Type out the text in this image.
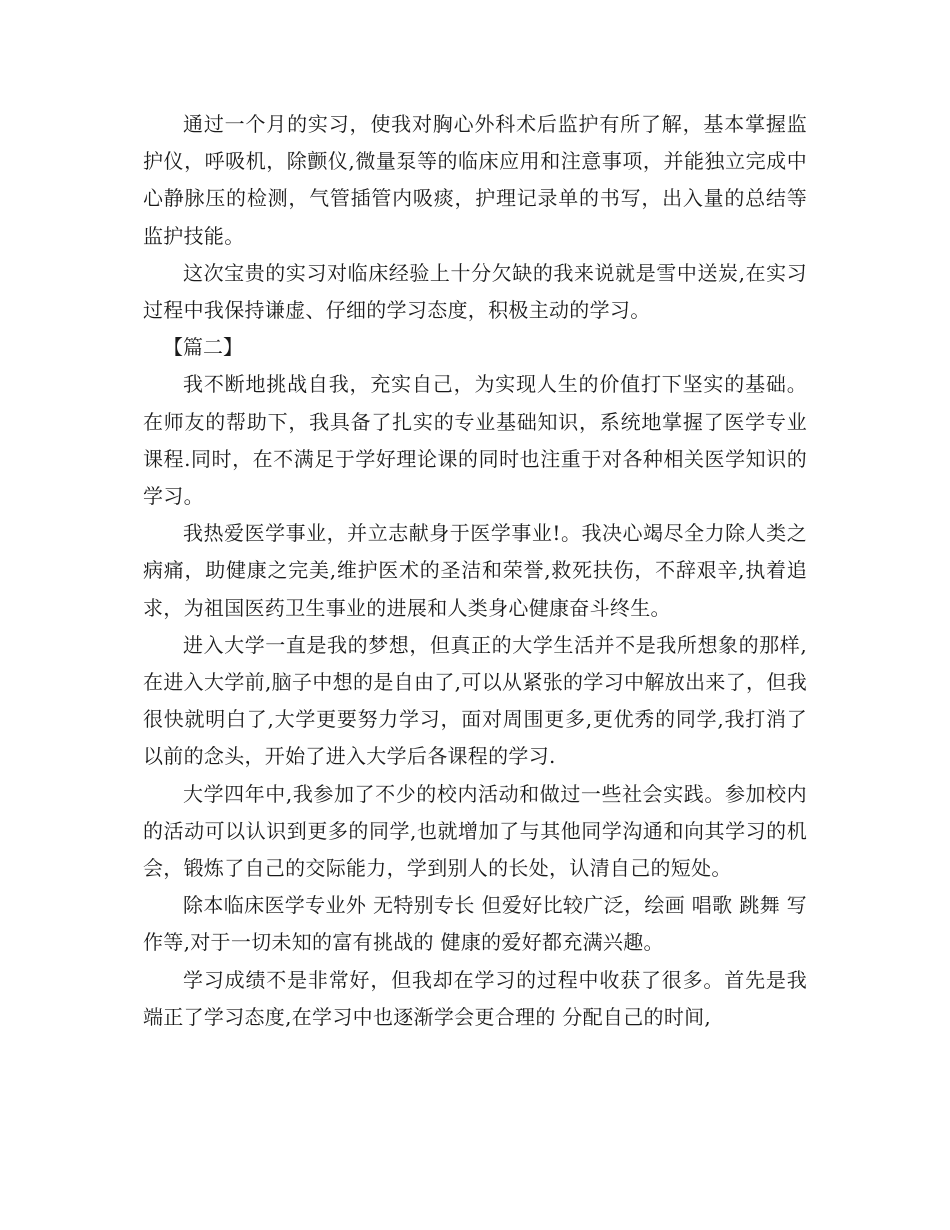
通过一个月的实习，使我对胸心外科术后监护有所了解，基本掌握监护仪，呼吸机，除颤仪,微量泵等的临床应用和注意事项，并能独立完成中心静脉压的检测，气管插管内吸痰，护理记录单的书写，出入量的总结等监护技能。

这次宝贵的实习对临床经验上十分欠缺的我来说就是雪中送炭,在实习过程中我保持谦虚、仔细的学习态度，积极主动的学习。

【篇二】

我不断地挑战自我，充实自己，为实现人生的价值打下坚实的基础。在师友的帮助下，我具备了扎实的专业基础知识，系统地掌握了医学专业课程.同时，在不满足于学好理论课的同时也注重于对各种相关医学知识的学习。

我热爱医学事业，并立志献身于医学事业!。我决心竭尽全力除人类之病痛，助健康之完美,维护医术的圣洁和荣誉,救死扶伤，不辞艰辛,执着追求，为祖国医药卫生事业的进展和人类身心健康奋斗终生。

进入大学一直是我的梦想，但真正的大学生活并不是我所想象的那样,在进入大学前,脑子中想的是自由了,可以从紧张的学习中解放出来了，但我很快就明白了,大学更要努力学习，面对周围更多,更优秀的同学,我打消了以前的念头，开始了进入大学后各课程的学习.

大学四年中,我参加了不少的校内活动和做过一些社会实践。参加校内的活动可以认识到更多的同学,也就增加了与其他同学沟通和向其学习的机会，锻炼了自己的交际能力，学到别人的长处，认清自己的短处。

除本临床医学专业外 无特别专长 但爱好比较广泛，绘画 唱歌 跳舞 写作等,对于一切未知的富有挑战的 健康的爱好都充满兴趣。

学习成绩不是非常好，但我却在学习的过程中收获了很多。首先是我端正了学习态度,在学习中也逐渐学会更合理的 分配自己的时间,
